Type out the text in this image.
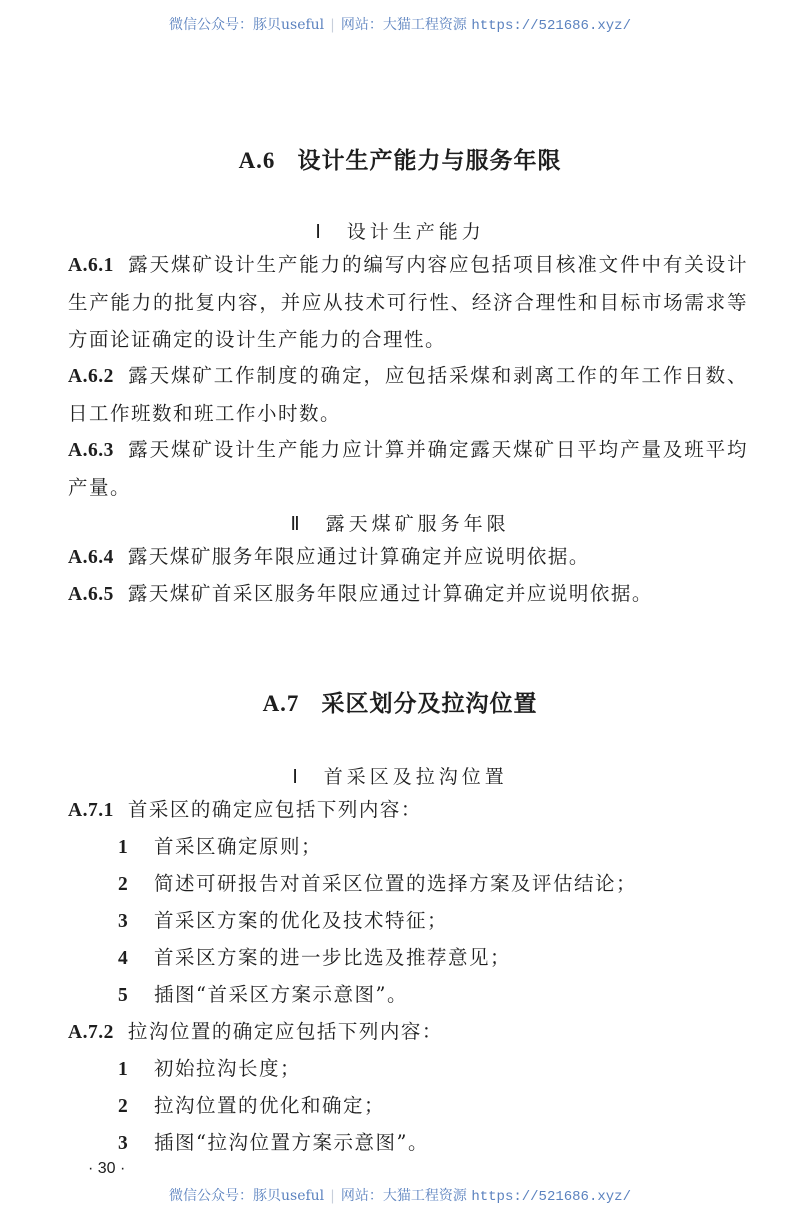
微信公众号：豚贝useful | 网站：大猫工程资源 https://521686.xyz/
A.6 设计生产能力与服务年限
Ⅰ 设计生产能力
A.6.1 露天煤矿设计生产能力的编写内容应包括项目核准文件中有关设计生产能力的批复内容，并应从技术可行性、经济合理性和目标市场需求等方面论证确定的设计生产能力的合理性。
A.6.2 露天煤矿工作制度的确定，应包括采煤和剥离工作的年工作日数、日工作班数和班工作小时数。
A.6.3 露天煤矿设计生产能力应计算并确定露天煤矿日平均产量及班平均产量。
Ⅱ 露天煤矿服务年限
A.6.4 露天煤矿服务年限应通过计算确定并应说明依据。
A.6.5 露天煤矿首采区服务年限应通过计算确定并应说明依据。
A.7 采区划分及拉沟位置
Ⅰ 首采区及拉沟位置
A.7.1 首采区的确定应包括下列内容：
1 首采区确定原则；
2 简述可研报告对首采区位置的选择方案及评估结论；
3 首采区方案的优化及技术特征；
4 首采区方案的进一步比选及推荐意见；
5 插图“首采区方案示意图”。
A.7.2 拉沟位置的确定应包括下列内容：
1 初始拉沟长度；
2 拉沟位置的优化和确定；
3 插图“拉沟位置方案示意图”。
· 30 ·
微信公众号：豚贝useful | 网站：大猫工程资源 https://521686.xyz/
